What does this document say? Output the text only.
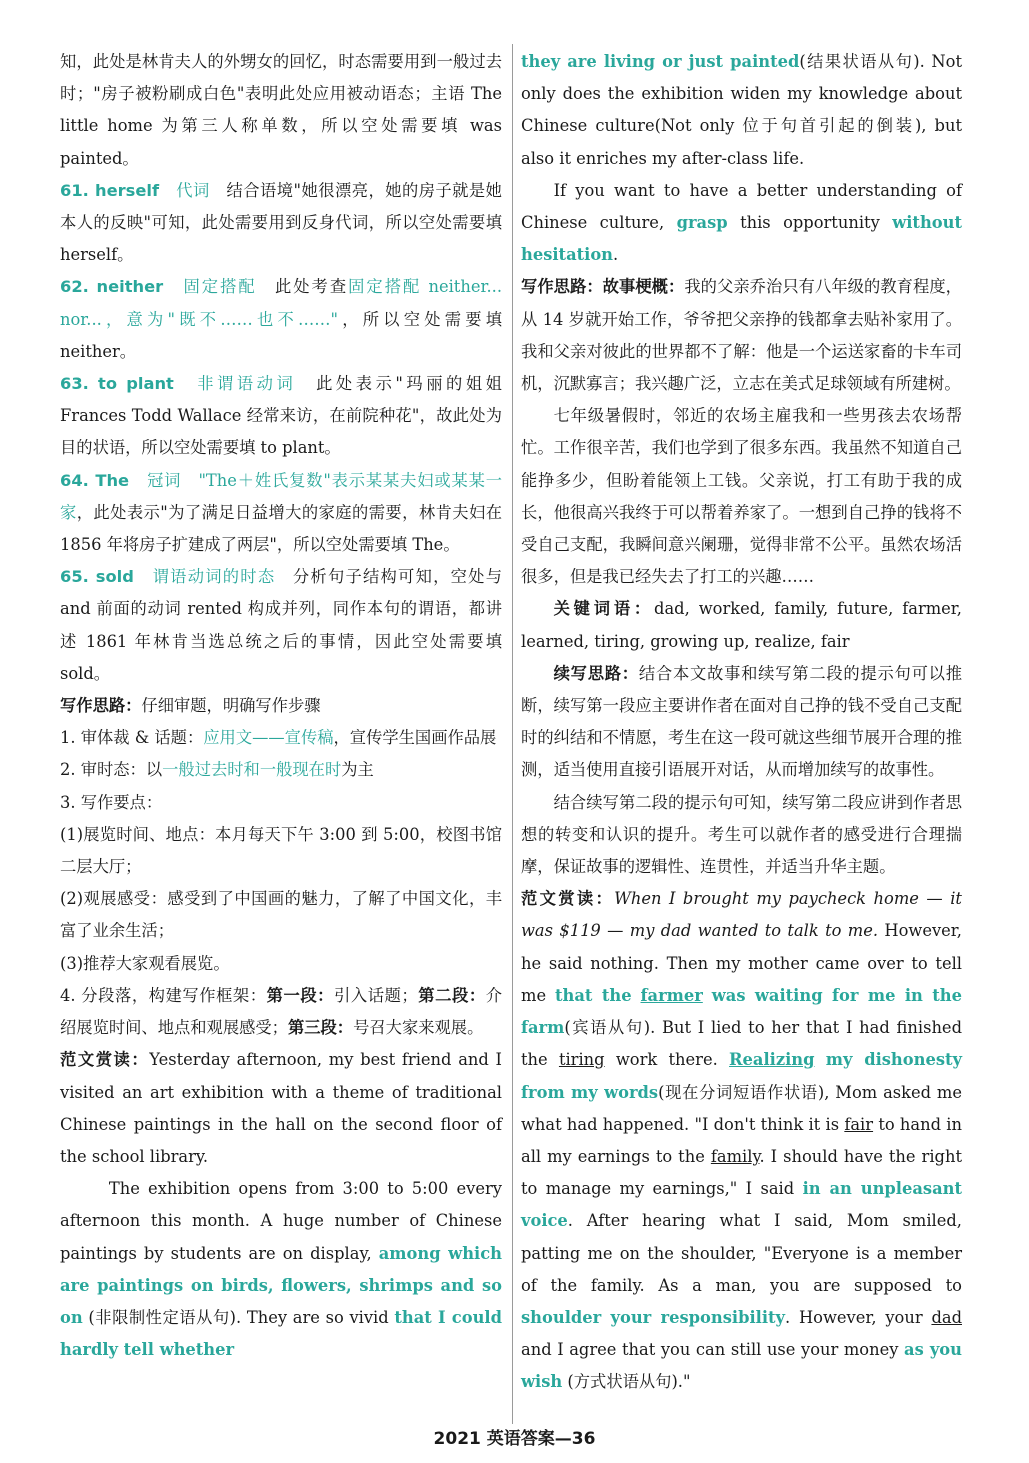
知，此处是林肯夫人的外甥女的回忆，时态需要用到一般过去时；"房子被粉刷成白色"表明此处应用被动语态；主语 The little home 为第三人称单数，所以空处需要填 was painted。

61. herself　 代词　 结合语境"她很漂亮，她的房子就是她本人的反映"可知，此处需要用到反身代词，所以空处需要填 herself。

62. neither　 固定搭配　 此处考查固定搭配 neither... nor...，意为"既不……也不……"，所以空处需要填 neither。

63. to plant　 非谓语动词　 此处表示"玛丽的姐姐 Frances Todd Wallace 经常来访，在前院种花"，故此处为目的状语，所以空处需要填 to plant。

64. The　 冠词　 "The＋姓氏复数"表示某某夫妇或某某一家，此处表示"为了满足日益增大的家庭的需要，林肯夫妇在 1856 年将房子扩建成了两层"，所以空处需要填 The。

65. sold　 谓语动词的时态　 分析句子结构可知，空处与 and 前面的动词 rented 构成并列，同作本句的谓语，都讲述 1861 年林肯当选总统之后的事情，因此空处需要填 sold。

写作思路：仔细审题，明确写作步骤

1. 审体裁 & 话题：应用文——宣传稿，宣传学生国画作品展

2. 审时态：以一般过去时和一般现在时为主

3. 写作要点：

(1)展览时间、地点：本月每天下午 3:00 到 5:00，校图书馆二层大厅；

(2)观展感受：感受到了中国画的魅力，了解了中国文化，丰富了业余生活；

(3)推荐大家观看展览。

4. 分段落，构建写作框架：第一段：引入话题；第二段：介绍展览时间、地点和观展感受；第三段：号召大家来观展。

范文赏读：Yesterday afternoon, my best friend and I visited an art exhibition with a theme of traditional Chinese paintings in the hall on the second floor of the school library.

The exhibition opens from 3:00 to 5:00 every afternoon this month. A huge number of Chinese paintings by students are on display, among which are paintings on birds, flowers, shrimps and so on (非限制性定语从句). They are so vivid that I could hardly tell whether

they are living or just painted(结果状语从句). Not only does the exhibition widen my knowledge about Chinese culture(Not only 位于句首引起的倒装), but also it enriches my after-class life.

If you want to have a better understanding of Chinese culture, grasp this opportunity without hesitation.

写作思路：故事梗概：我的父亲乔治只有八年级的教育程度，从 14 岁就开始工作，爷爷把父亲挣的钱都拿去贴补家用了。我和父亲对彼此的世界都不了解：他是一个运送家畜的卡车司机，沉默寡言；我兴趣广泛，立志在美式足球领域有所建树。

七年级暑假时，邻近的农场主雇我和一些男孩去农场帮忙。工作很辛苦，我们也学到了很多东西。我虽然不知道自己能挣多少，但盼着能领上工钱。父亲说，打工有助于我的成长，他很高兴我终于可以帮着养家了。一想到自己挣的钱将不受自己支配，我瞬间意兴阑珊，觉得非常不公平。虽然农场活很多，但是我已经失去了打工的兴趣……

关键词语：dad, worked, family, future, farmer, learned, tiring, growing up, realize, fair

续写思路：结合本文故事和续写第二段的提示句可以推断，续写第一段应主要讲作者在面对自己挣的钱不受自己支配时的纠结和不情愿，考生在这一段可就这些细节展开合理的推测，适当使用直接引语展开对话，从而增加续写的故事性。

结合续写第二段的提示句可知，续写第二段应讲到作者思想的转变和认识的提升。考生可以就作者的感受进行合理揣摩，保证故事的逻辑性、连贯性，并适当升华主题。

范文赏读：When I brought my paycheck home — it was $119 — my dad wanted to talk to me. However, he said nothing. Then my mother came over to tell me that the farmer was waiting for me in the farm(宾语从句). But I lied to her that I had finished the tiring work there. Realizing my dishonesty from my words(现在分词短语作状语), Mom asked me what had happened. "I don't think it is fair to hand in all my earnings to the family. I should have the right to manage my earnings," I said in an unpleasant voice. After hearing what I said, Mom smiled, patting me on the shoulder, "Everyone is a member of the family. As a man, you are supposed to shoulder your responsibility. However, your dad and I agree that you can still use your money as you wish (方式状语从句)."

2021 英语答案—36
